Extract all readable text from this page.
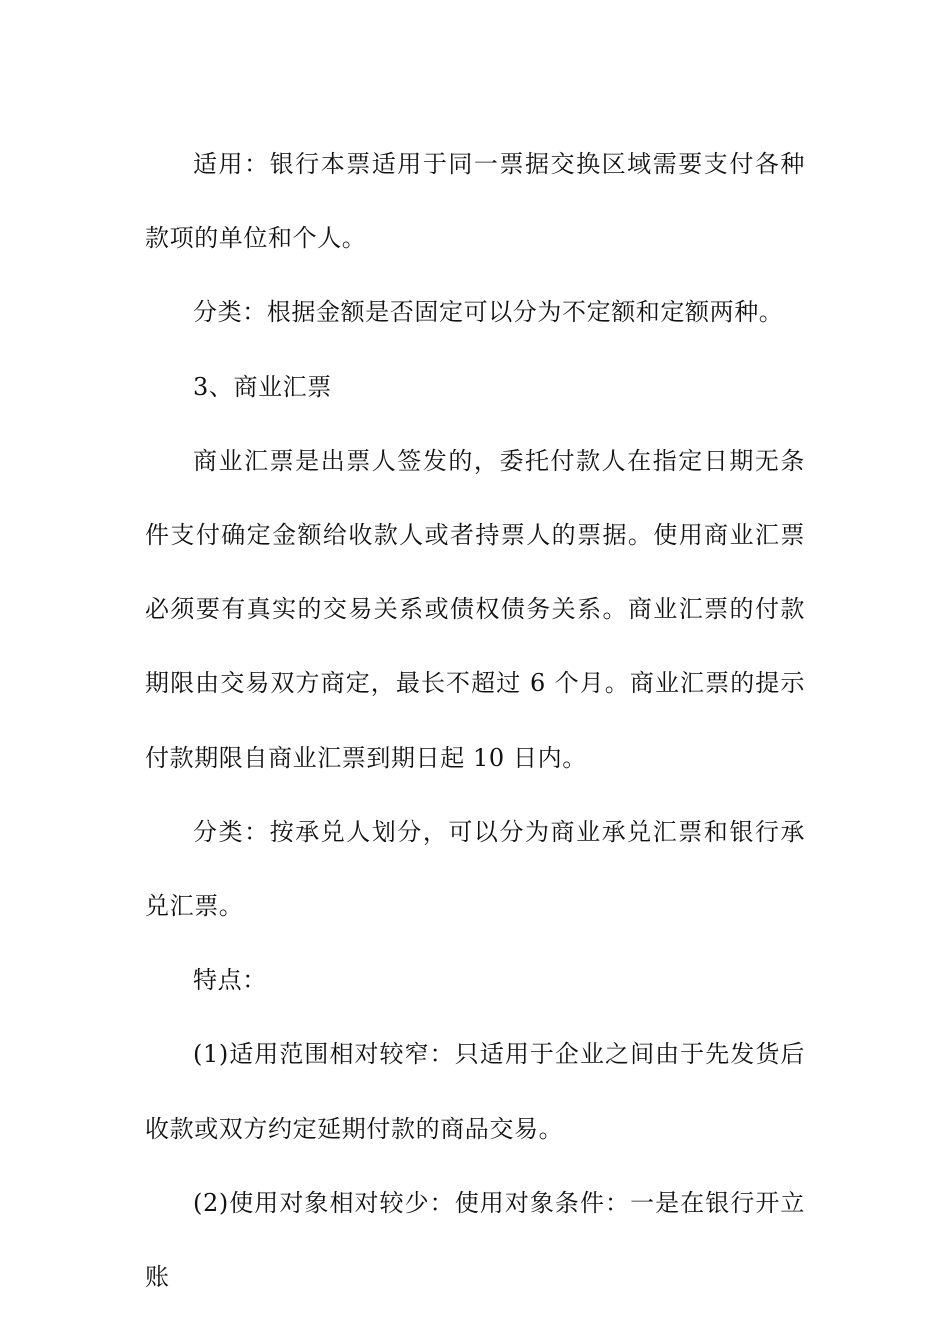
适用：银行本票适用于同一票据交换区域需要支付各种款项的单位和个人。

分类：根据金额是否固定可以分为不定额和定额两种。

3、商业汇票

商业汇票是出票人签发的，委托付款人在指定日期无条件支付确定金额给收款人或者持票人的票据。使用商业汇票必须要有真实的交易关系或债权债务关系。商业汇票的付款期限由交易双方商定，最长不超过 6 个月。商业汇票的提示付款期限自商业汇票到期日起 10 日内。

分类：按承兑人划分，可以分为商业承兑汇票和银行承兑汇票。

特点：

(1)适用范围相对较窄：只适用于企业之间由于先发货后收款或双方约定延期付款的商品交易。

(2)使用对象相对较少：使用对象条件：一是在银行开立账
